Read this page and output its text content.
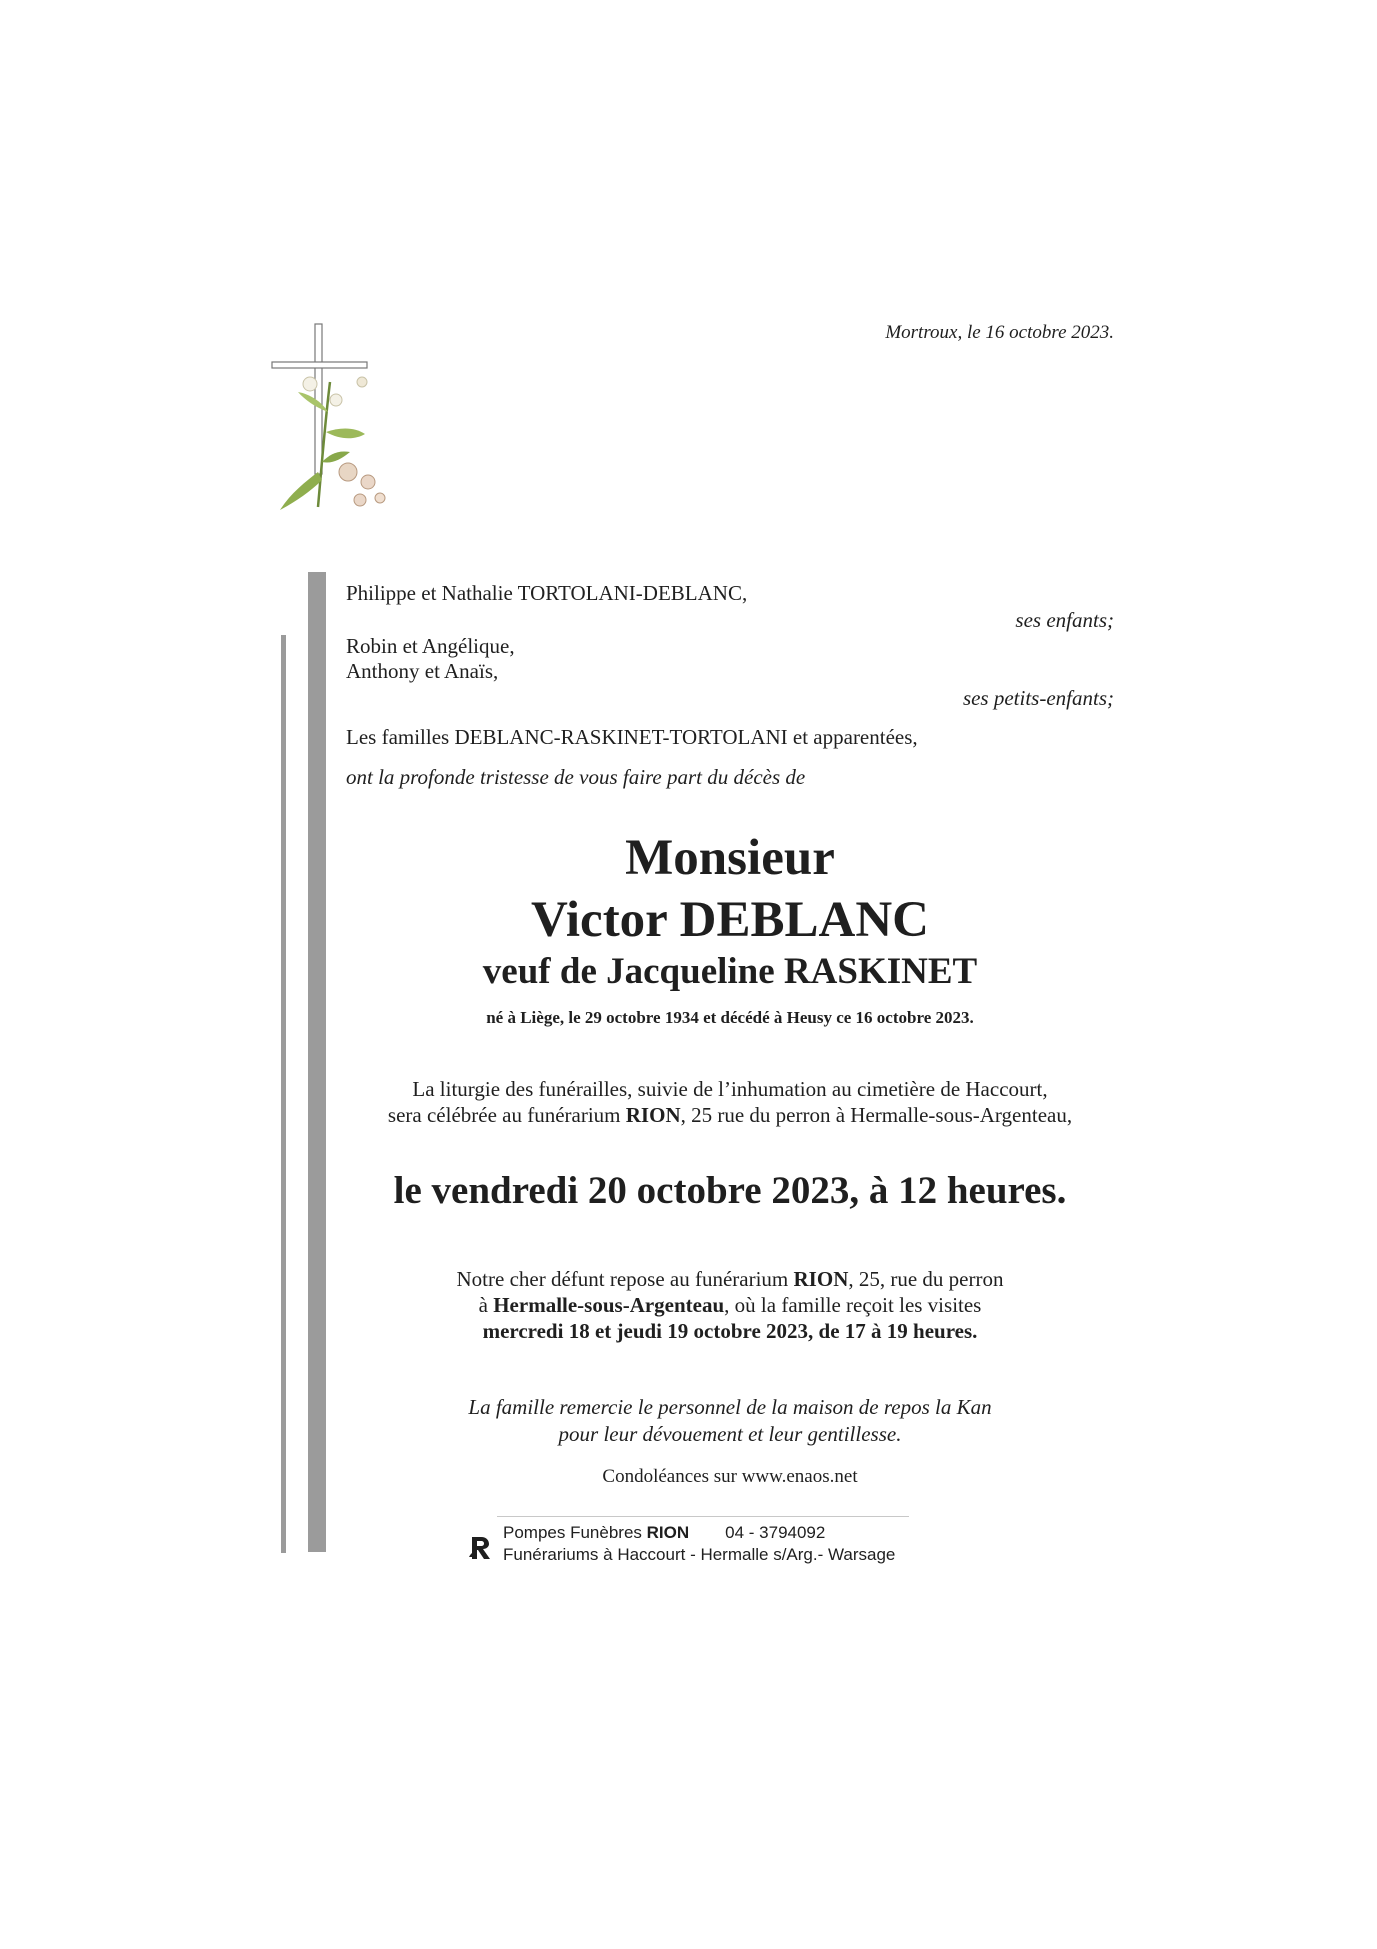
Mortroux, le 16 octobre 2023.
Philippe et Nathalie TORTOLANI-DEBLANC,
ses enfants;
Robin et Angélique,
Anthony et Anaïs,
ses petits-enfants;
Les familles DEBLANC-RASKINET-TORTOLANI et apparentées,
ont la profonde tristesse de vous faire part du décès de
Monsieur
Victor DEBLANC
veuf de Jacqueline RASKINET
né à Liège, le 29 octobre 1934 et décédé à Heusy ce 16 octobre 2023.
La liturgie des funérailles, suivie de l’inhumation au cimetière de Haccourt,
sera célébrée au funérarium RION, 25 rue du perron à Hermalle-sous-Argenteau,
le vendredi 20 octobre 2023, à 12 heures.
Notre cher défunt repose au funérarium RION, 25, rue du perron
à Hermalle-sous-Argenteau, où la famille reçoit les visites
mercredi 18 et jeudi 19 octobre 2023, de 17 à 19 heures.
La famille remercie le personnel de la maison de repos la Kan
pour leur dévouement et leur gentillesse.
Condoléances sur www.enaos.net
Pompes Funèbres RION 04 - 3794092
Funérariums à Haccourt - Hermalle s/Arg.- Warsage
